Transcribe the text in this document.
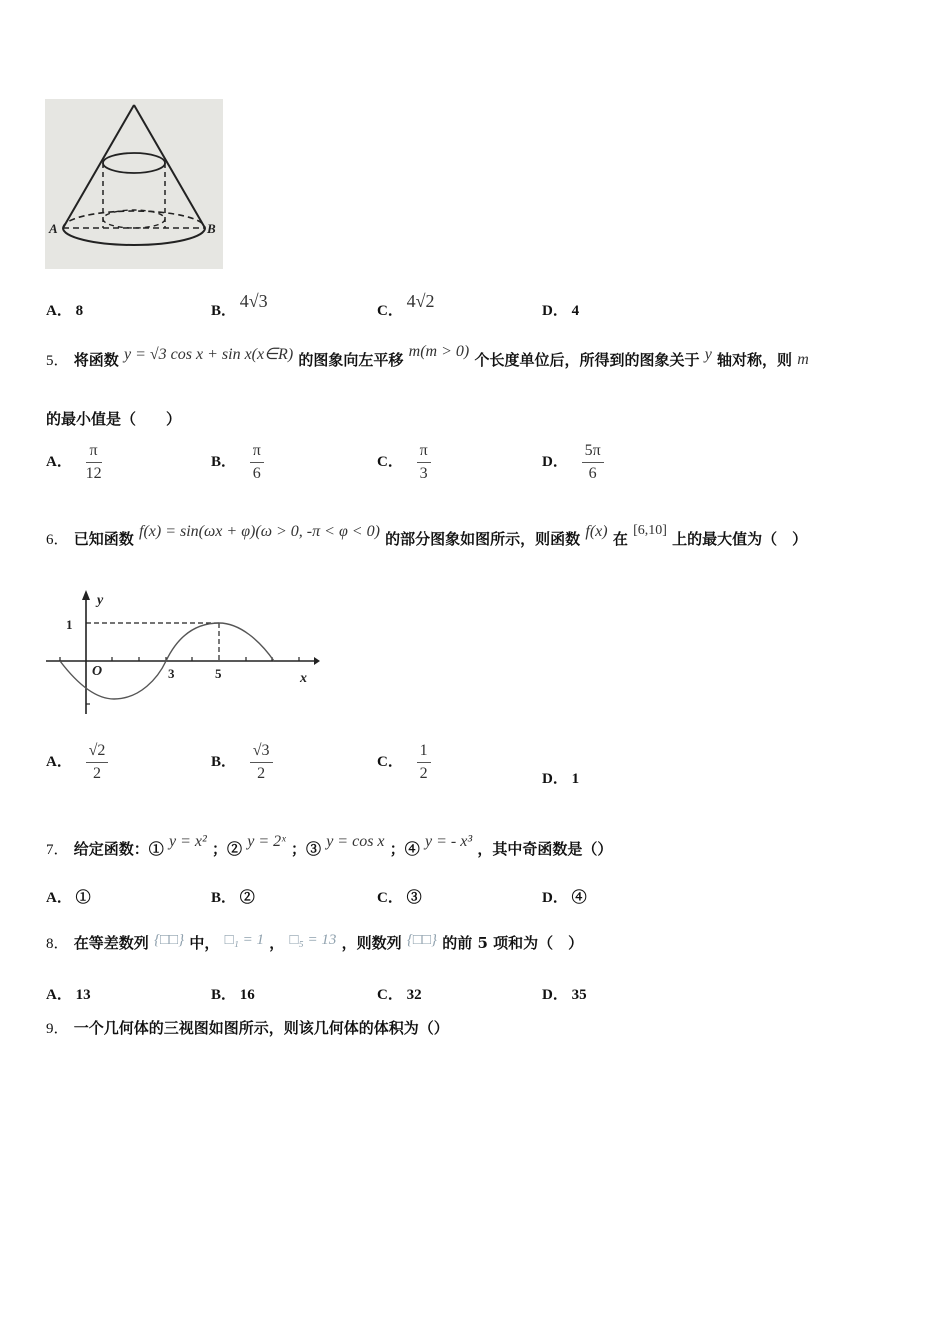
A	B
A． 8	B． 4√3	C． 4√2	D． 4
5． 将函数 y = √3 cos x + sin x(x∈R) 的图象向左平移 m(m > 0) 个长度单位后，所得到的图象关于 y 轴对称，则 m
的最小值是（　　）
A． $\frac{\pi}{12}$	B． $\frac{\pi}{6}$	C． $\frac{\pi}{3}$	D． $\frac{5\pi}{6}$
6． 已知函数 f(x) = sin(ωx + φ)(ω > 0, -π < φ < 0) 的部分图象如图所示，则函数 f(x) 在 [6,10] 上的最大值为（　）
y
x
1
O	3	5
A． $\frac{√2}{2}$	B． $\frac{√3}{2}$	C． $\frac{1}{2}$	D． 1
7． 给定函数：① y = x² ；② y = 2ˣ ；③ y = cos x ；④ y = - x³ ，其中奇函数是（）
A． ①	B． ②	C． ③	D． ④
8． 在等差数列 {□□} 中， □₁ = 1 ， □₅ = 13 ，则数列 {□□} 的前 5 项和为（　）
A． 13	B． 16	C． 32	D． 35
9． 一个几何体的三视图如图所示，则该几何体的体积为（）
